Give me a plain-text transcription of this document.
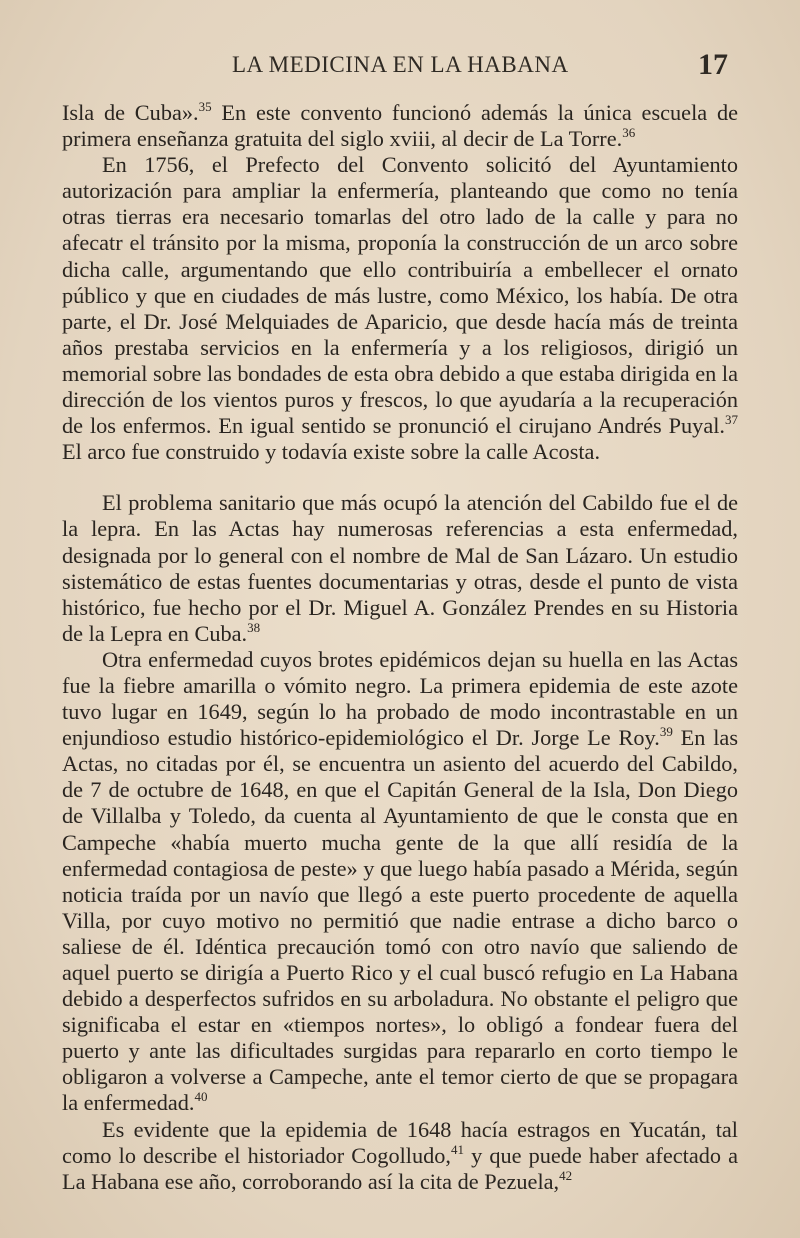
LA MEDICINA EN LA HABANA	17

Isla de Cuba».$^{35}$ En este convento funcionó además la única escuela de primera enseñanza gratuita del siglo xviii, al decir de La Torre.$^{36}$

En 1756, el Prefecto del Convento solicitó del Ayuntamiento autorización para ampliar la enfermería, planteando que como no tenía otras tierras era necesario tomarlas del otro lado de la calle y para no afecatr el tránsito por la misma, proponía la construcción de un arco sobre dicha calle, argumentando que ello contribuiría a embellecer el ornato público y que en ciudades de más lustre, como México, los había. De otra parte, el Dr. José Melquiades de Aparicio, que desde hacía más de treinta años prestaba servicios en la enfermería y a los religiosos, dirigió un memorial sobre las bondades de esta obra debido a que estaba dirigida en la dirección de los vientos puros y frescos, lo que ayudaría a la recuperación de los enfermos. En igual sentido se pronunció el cirujano Andrés Puyal.$^{37}$ El arco fue construido y todavía existe sobre la calle Acosta.

El problema sanitario que más ocupó la atención del Cabildo fue el de la lepra. En las Actas hay numerosas referencias a esta enfermedad, designada por lo general con el nombre de Mal de San Lázaro. Un estudio sistemático de estas fuentes documentarias y otras, desde el punto de vista histórico, fue hecho por el Dr. Miguel A. González Prendes en su Historia de la Lepra en Cuba.$^{38}$

Otra enfermedad cuyos brotes epidémicos dejan su huella en las Actas fue la fiebre amarilla o vómito negro. La primera epidemia de este azote tuvo lugar en 1649, según lo ha probado de modo incontrastable en un enjundioso estudio histórico-epidemiológico el Dr. Jorge Le Roy.$^{39}$ En las Actas, no citadas por él, se encuentra un asiento del acuerdo del Cabildo, de 7 de octubre de 1648, en que el Capitán General de la Isla, Don Diego de Villalba y Toledo, da cuenta al Ayuntamiento de que le consta que en Campeche «había muerto mucha gente de la que allí residía de la enfermedad contagiosa de peste» y que luego había pasado a Mérida, según noticia traída por un navío que llegó a este puerto procedente de aquella Villa, por cuyo motivo no permitió que nadie entrase a dicho barco o saliese de él. Idéntica precaución tomó con otro navío que saliendo de aquel puerto se dirigía a Puerto Rico y el cual buscó refugio en La Habana debido a desperfectos sufridos en su arboladura. No obstante el peligro que significaba el estar en «tiempos nortes», lo obligó a fondear fuera del puerto y ante las dificultades surgidas para repararlo en corto tiempo le obligaron a volverse a Campeche, ante el temor cierto de que se propagara la enfermedad.$^{40}$

Es evidente que la epidemia de 1648 hacía estragos en Yucatán, tal como lo describe el historiador Cogolludo,$^{41}$ y que puede haber afectado a La Habana ese año, corroborando así la cita de Pezuela,$^{42}$
